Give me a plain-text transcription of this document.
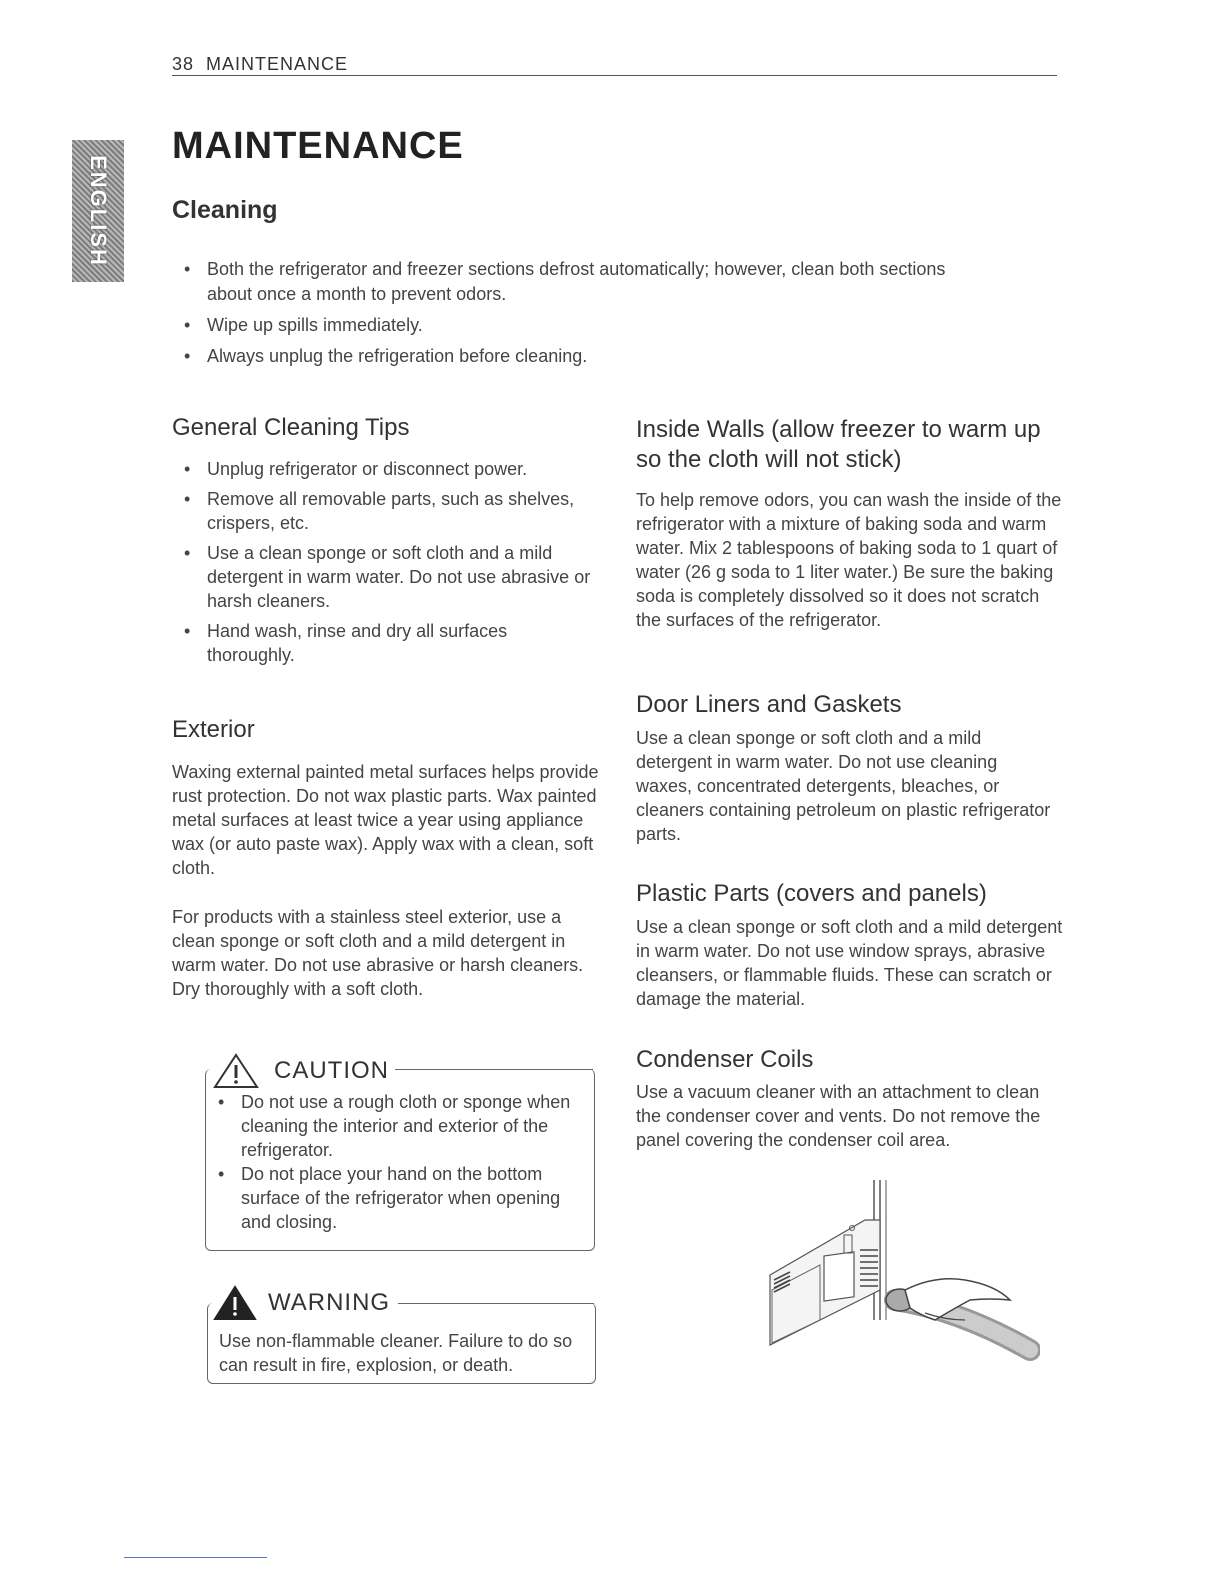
38 MAINTENANCE
ENGLISH
MAINTENANCE
Cleaning
• Both the refrigerator and freezer sections defrost automatically; however, clean both sections about once a month to prevent odors.
• Wipe up spills immediately.
• Always unplug the refrigeration before cleaning.
General Cleaning Tips
• Unplug refrigerator or disconnect power.
• Remove all removable parts, such as shelves, crispers, etc.
• Use a clean sponge or soft cloth and a mild detergent in warm water. Do not use abrasive or harsh cleaners.
• Hand wash, rinse and dry all surfaces thoroughly.
Exterior
Waxing external painted metal surfaces helps provide rust protection. Do not wax plastic parts. Wax painted metal surfaces at least twice a year using appliance wax (or auto paste wax). Apply wax with a clean, soft cloth.
For products with a stainless steel exterior, use a clean sponge or soft cloth and a mild detergent in warm water. Do not use abrasive or harsh cleaners. Dry thoroughly with a soft cloth.
CAUTION
• Do not use a rough cloth or sponge when cleaning the interior and exterior of the refrigerator.
• Do not place your hand on the bottom surface of the refrigerator when opening and closing.
WARNING
Use non-flammable cleaner. Failure to do so can result in fire, explosion, or death.
Inside Walls (allow freezer to warm up so the cloth will not stick)
To help remove odors, you can wash the inside of the refrigerator with a mixture of baking soda and warm water. Mix 2 tablespoons of baking soda to 1 quart of water (26 g soda to 1 liter water.) Be sure the baking soda is completely dissolved so it does not scratch the surfaces of the refrigerator.
Door Liners and Gaskets
Use a clean sponge or soft cloth and a mild detergent in warm water. Do not use cleaning waxes, concentrated detergents, bleaches, or cleaners containing petroleum on plastic refrigerator parts.
Plastic Parts (covers and panels)
Use a clean sponge or soft cloth and a mild detergent in warm water. Do not use window sprays, abrasive cleansers, or flammable fluids. These can scratch or damage the material.
Condenser Coils
Use a vacuum cleaner with an attachment to clean the condenser cover and vents. Do not remove the panel covering the condenser coil area.
